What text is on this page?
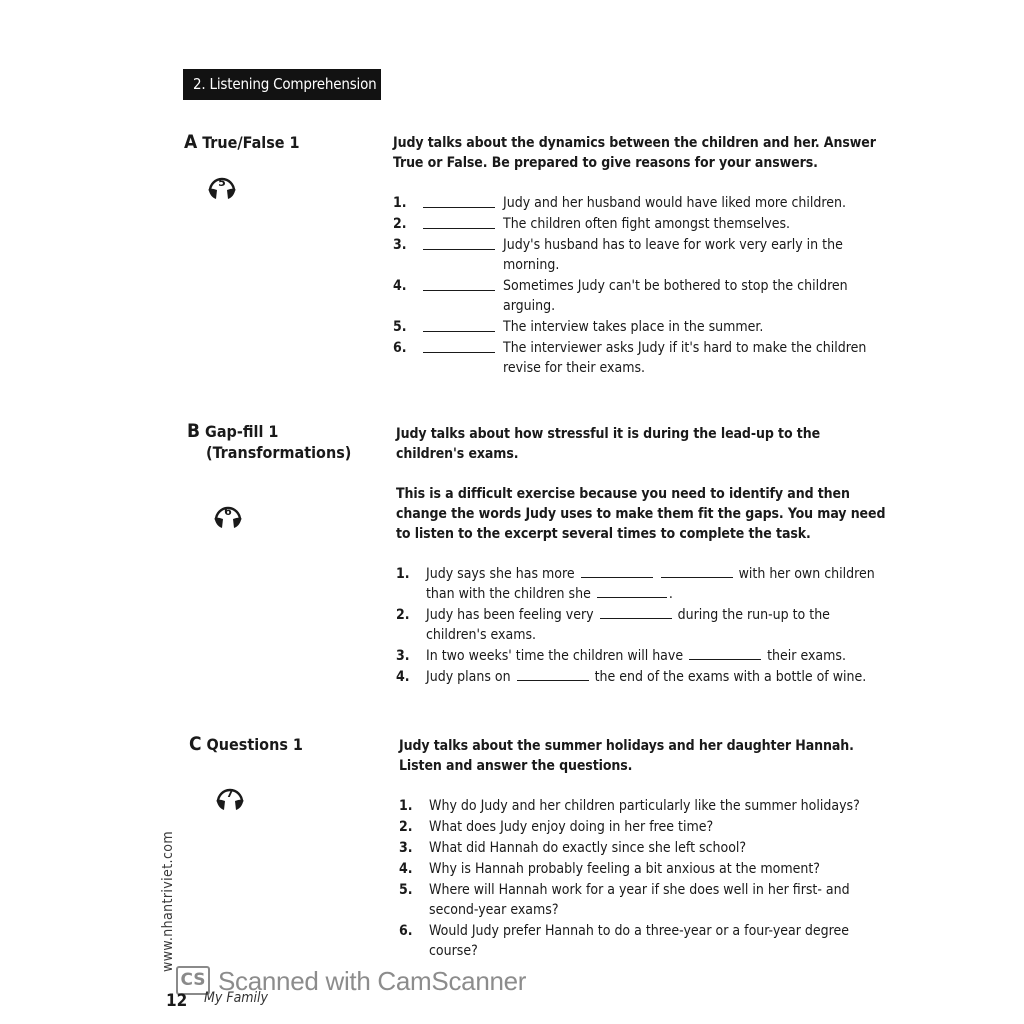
2. Listening Comprehension
A True/False 1
5

Judy talks about the dynamics between the children and her. Answer True or False. Be prepared to give reasons for your answers.

1.	Judy and her husband would have liked more children.
2.	The children often fight amongst themselves.
3.	Judy's husband has to leave for work very early in the morning.
4.	Sometimes Judy can't be bothered to stop the children arguing.
5.	The interview takes place in the summer.
6.	The interviewer asks Judy if it's hard to make the children revise for their exams.
B Gap-fill 1
(Transformations)
6

Judy talks about how stressful it is during the lead-up to the children's exams.

This is a difficult exercise because you need to identify and then change the words Judy uses to make them fit the gaps. You may need to listen to the excerpt several times to complete the task.

1.	Judy says she has more	with her own children than with the children she	.
2.	Judy has been feeling very	during the run-up to the children's exams.
3.	In two weeks' time the children will have	their exams.
4.	Judy plans on	the end of the exams with a bottle of wine.
C Questions 1
7

Judy talks about the summer holidays and her daughter Hannah. Listen and answer the questions.

1.	Why do Judy and her children particularly like the summer holidays?
2.	What does Judy enjoy doing in her free time?
3.	What did Hannah do exactly since she left school?
4.	Why is Hannah probably feeling a bit anxious at the moment?
5.	Where will Hannah work for a year if she does well in her first- and second-year exams?
6.	Would Judy prefer Hannah to do a three-year or a four-year degree course?
www.nhantriviet.com
CS Scanned with CamScanner
12 My Family
